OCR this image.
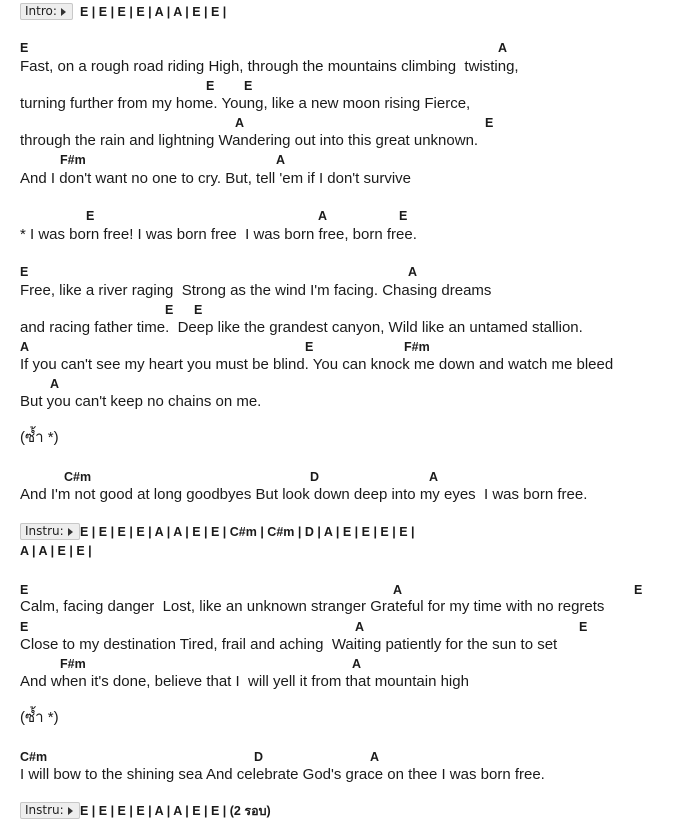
Intro:	E | E | E | E | A | A | E | E |
E	A
Fast, on a rough road riding High, through the mountains climbing  twisting,
E E
turning further from my home. Young, like a new moon rising Fierce,
A	E
through the rain and lightning Wandering out into this great unknown.
F#m	A
And I don't want no one to cry. But, tell 'em if I don't survive
E	A	E
* I was born free! I was born free  I was born free, born free.
E	A
Free, like a river raging  Strong as the wind I'm facing. Chasing dreams
E E
and racing father time.  Deep like the grandest canyon, Wild like an untamed stallion.
A	E	F#m
If you can't see my heart you must be blind. You can knock me down and watch me bleed
A
But you can't keep no chains on me.
(ซ้ำ *)
C#m	D	A
And I'm not good at long goodbyes But look down deep into my eyes  I was born free.
Instru:	E | E | E | E | A | A | E | E | C#m | C#m | D | A | E | E | E | E |
A | A | E | E |
E	A	E
Calm, facing danger  Lost, like an unknown stranger Grateful for my time with no regrets
E	A	E
Close to my destination Tired, frail and aching  Waiting patiently for the sun to set
F#m	A
And when it's done, believe that I  will yell it from that mountain high
(ซ้ำ *)
C#m	D	A
I will bow to the shining sea And celebrate God's grace on thee I was born free.
Instru:	E | E | E | E | A | A | E | E | (2 รอบ)
